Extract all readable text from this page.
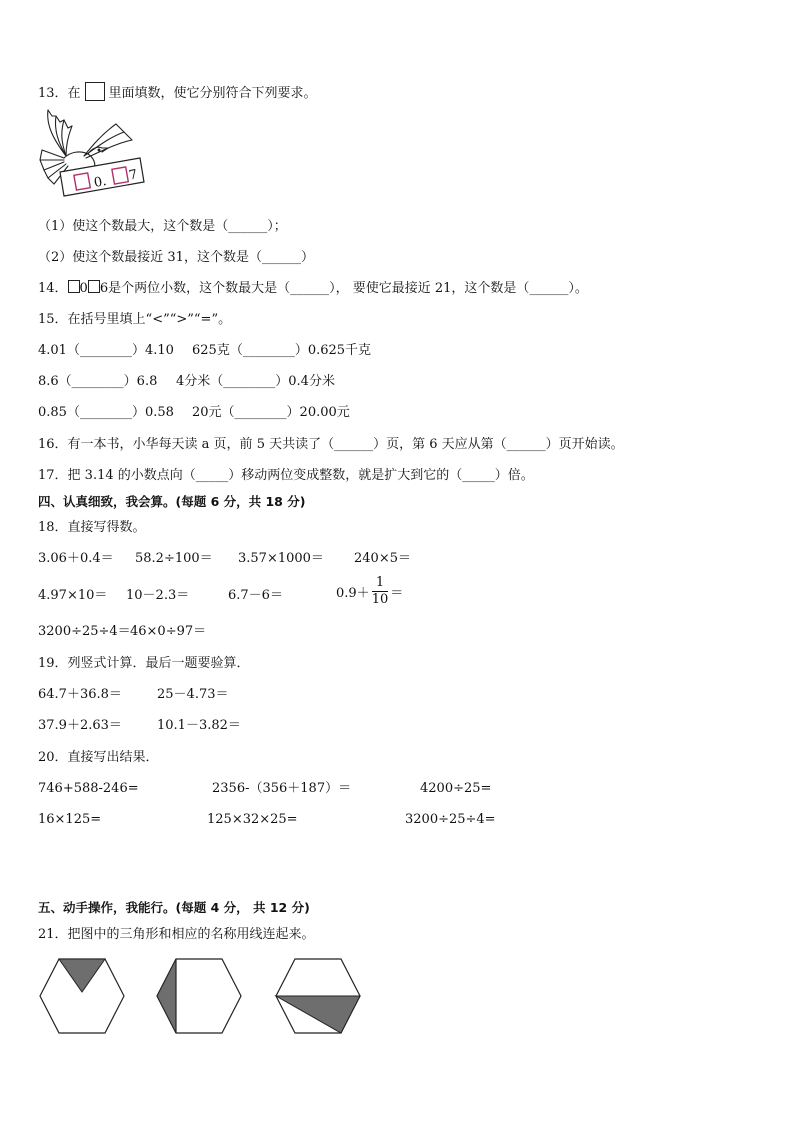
13．在 里面填数，使它分别符合下列要求。
0. 7
（1）使这个数最大，这个数是（______）；
（2）使这个数最接近 31，这个数是（______）
14． 0 6是个两位小数，这个数最大是（______）， 要使它最接近 21，这个数是（______）。
15．在括号里填上“<”“>”“=”。
4.01（________）4.10 625克（________）0.625千克
8.6（________）6.8 4分米（________）0.4分米
0.85（________）0.58 20元（________）20.00元
16．有一本书，小华每天读 a 页，前 5 天共读了（______）页，第 6 天应从第（______）页开始读。
17．把 3.14 的小数点向（_____）移动两位变成整数，就是扩大到它的（_____）倍。
四、认真细致，我会算。(每题 6 分，共 18 分)
18．直接写得数。
3.06＋0.4＝ 58.2÷100＝ 3.57×1000＝ 240×5＝
4.97×10＝ 10－2.3＝	6.7－6＝	$0.9+ \frac{1}{10}$ ＝
3200÷25÷4＝ 46×0÷97＝
19．列竖式计算．最后一题要验算．
64.7＋36.8＝	25－4.73＝
37.9＋2.63＝	10.1－3.82＝
20．直接写出结果．
746+588-246=	2356-（356＋187）＝	4200÷25=
16×125=	125×32×25=	3200÷25÷4=
五、动手操作，我能行。(每题 4 分， 共 12 分)
21．把图中的三角形和相应的名称用线连起来。
